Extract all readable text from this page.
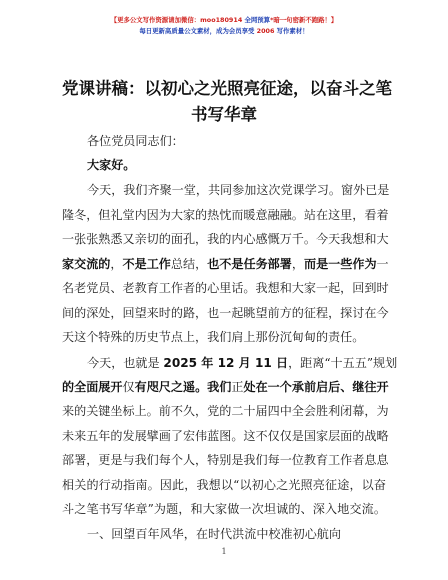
【更多公文写作资源请加微信：moo180914 全网预算*暗一句密新不跑路！】
每日更新高质量公文素材，成为会员享受 2006 写作素材！
党课讲稿：以初心之光照亮征途，以奋斗之笔
书写华章
各位党员同志们：
大家好。
今天，我们齐聚一堂，共同参加这次党课学习。窗外已是
隆冬，但礼堂内因为大家的热忱而暖意融融。站在这里，看着
一张张熟悉又亲切的面孔，我的内心感慨万千。今天我想和大
家交流的，不是工作总结，也不是任务部署，而是一些作为一
名老党员、老教育工作者的心里话。我想和大家一起，回到时
间的深处，回望来时的路，也一起眺望前方的征程，探讨在今
天这个特殊的历史节点上，我们肩上那份沉甸甸的责任。
今天，也就是 2025 年 12 月 11 日，距离“十五五”规划
的全面展开仅有咫尺之遥。我们正处在一个承前启后、继往开
来的关键坐标上。前不久，党的二十届四中全会胜利闭幕，为
未来五年的发展擘画了宏伟蓝图。这不仅仅是国家层面的战略
部署，更是与我们每个人，特别是我们每一位教育工作者息息
相关的行动指南。因此，我想以“以初心之光照亮征途，以奋
斗之笔书写华章”为题，和大家做一次坦诚的、深入地交流。
一、回望百年风华，在时代洪流中校准初心航向
1
